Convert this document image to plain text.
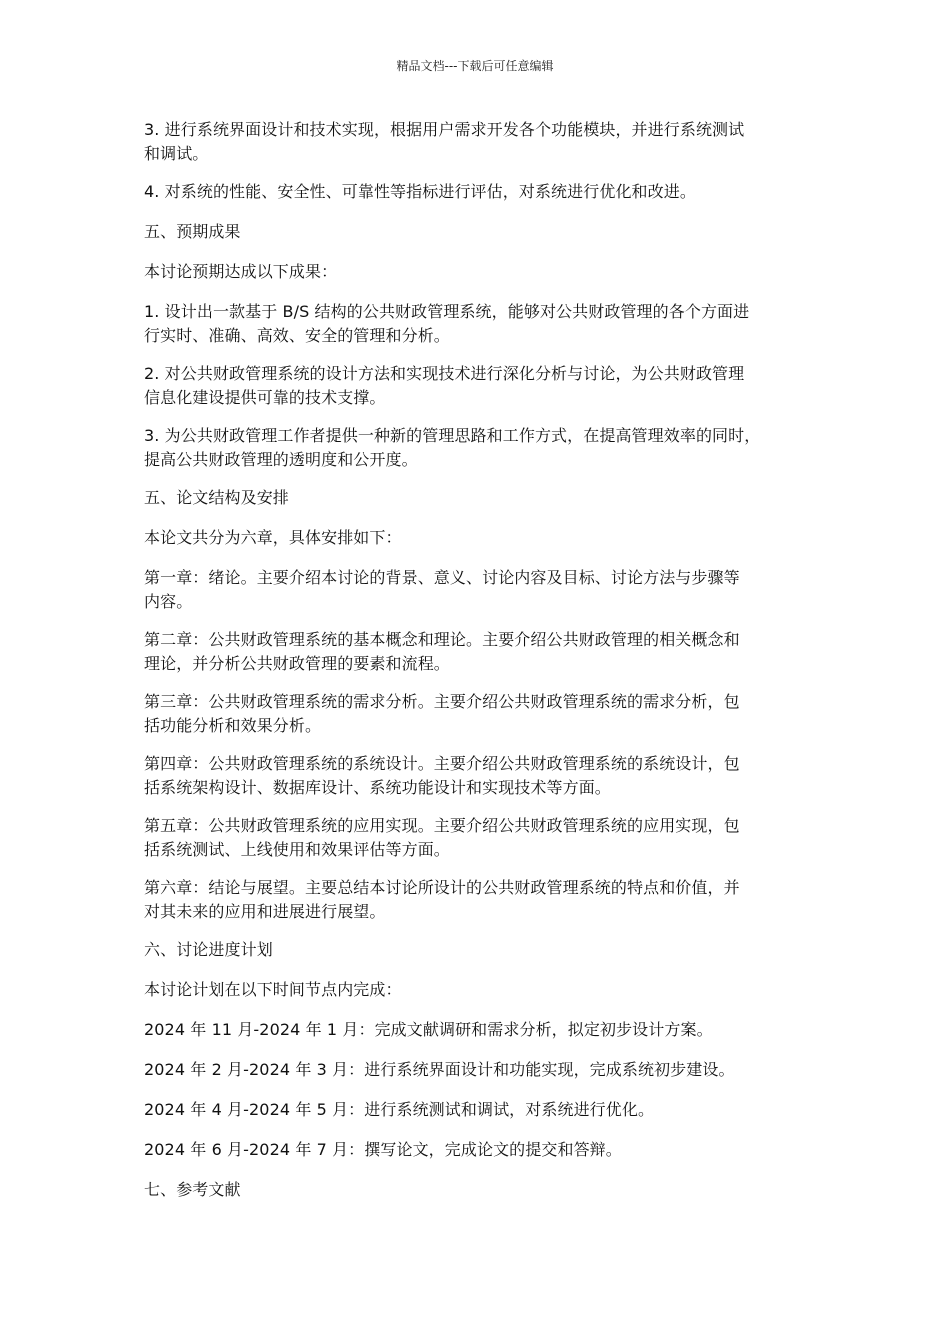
精品文档---下载后可任意编辑

3. 进行系统界面设计和技术实现，根据用户需求开发各个功能模块，并进行系统测试
和调试。

4. 对系统的性能、安全性、可靠性等指标进行评估，对系统进行优化和改进。

五、预期成果

本讨论预期达成以下成果：

1. 设计出一款基于 B/S 结构的公共财政管理系统，能够对公共财政管理的各个方面进
行实时、准确、高效、安全的管理和分析。

2. 对公共财政管理系统的设计方法和实现技术进行深化分析与讨论，为公共财政管理
信息化建设提供可靠的技术支撑。

3. 为公共财政管理工作者提供一种新的管理思路和工作方式，在提高管理效率的同时，
提高公共财政管理的透明度和公开度。

五、论文结构及安排

本论文共分为六章，具体安排如下：

第一章：绪论。主要介绍本讨论的背景、意义、讨论内容及目标、讨论方法与步骤等
内容。

第二章：公共财政管理系统的基本概念和理论。主要介绍公共财政管理的相关概念和
理论，并分析公共财政管理的要素和流程。

第三章：公共财政管理系统的需求分析。主要介绍公共财政管理系统的需求分析，包
括功能分析和效果分析。

第四章：公共财政管理系统的系统设计。主要介绍公共财政管理系统的系统设计，包
括系统架构设计、数据库设计、系统功能设计和实现技术等方面。

第五章：公共财政管理系统的应用实现。主要介绍公共财政管理系统的应用实现，包
括系统测试、上线使用和效果评估等方面。

第六章：结论与展望。主要总结本讨论所设计的公共财政管理系统的特点和价值，并
对其未来的应用和进展进行展望。

六、讨论进度计划

本讨论计划在以下时间节点内完成：

2024 年 11 月-2024 年 1 月：完成文献调研和需求分析，拟定初步设计方案。

2024 年 2 月-2024 年 3 月：进行系统界面设计和功能实现，完成系统初步建设。

2024 年 4 月-2024 年 5 月：进行系统测试和调试，对系统进行优化。

2024 年 6 月-2024 年 7 月：撰写论文，完成论文的提交和答辩。

七、参考文献
